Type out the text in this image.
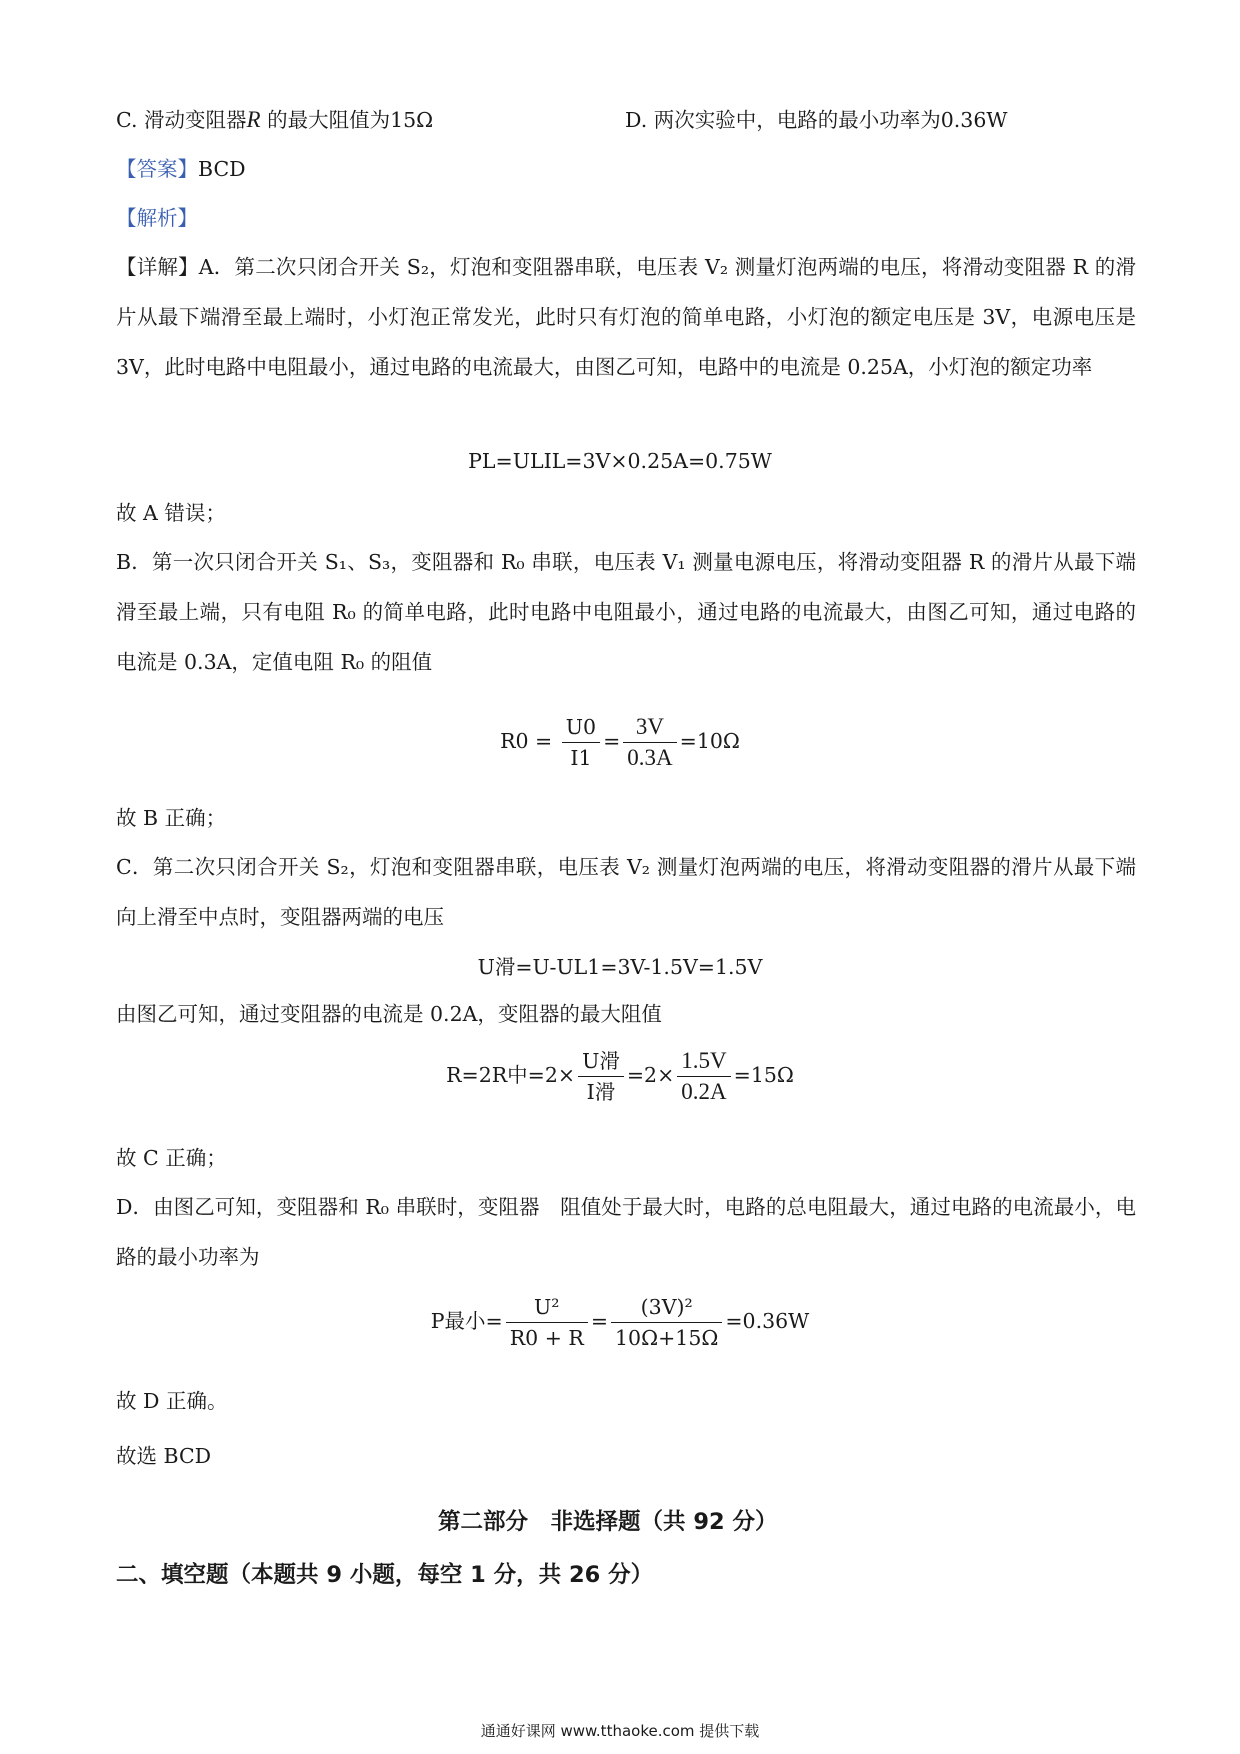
C. 滑动变阻器R 的最大阻值为15Ω	D. 两次实验中，电路的最小功率为0.36W
【答案】BCD
【解析】
【详解】A．第二次只闭合开关 S₂，灯泡和变阻器串联，电压表 V₂ 测量灯泡两端的电压，将滑动变阻器 R 的滑片从最下端滑至最上端时，小灯泡正常发光，此时只有灯泡的简单电路，小灯泡的额定电压是 3V，电源电压是 3V，此时电路中电阻最小，通过电路的电流最大，由图乙可知，电路中的电流是 0.25A，小灯泡的额定功率
PL=ULIL=3V×0.25A=0.75W
故 A 错误；
B．第一次只闭合开关 S₁、S₃，变阻器和 R₀ 串联，电压表 V₁ 测量电源电压，将滑动变阻器 R 的滑片从最下端滑至最上端，只有电阻 R₀ 的简单电路，此时电路中电阻最小，通过电路的电流最大，由图乙可知，通过电路的电流是 0.3A，定值电阻 R₀ 的阻值
$R0 = \frac{U0}{I1} = \frac{3V}{0.3A} =10\Omega$
故 B 正确；
C．第二次只闭合开关 S₂，灯泡和变阻器串联，电压表 V₂ 测量灯泡两端的电压，将滑动变阻器的滑片从最下端向上滑至中点时，变阻器两端的电压
U滑=U-UL1=3V-1.5V=1.5V
由图乙可知，通过变阻器的电流是 0.2A，变阻器的最大阻值
R=2R中$=2\times \frac{\text{U滑}}{\text{I滑}} =2\times \frac{1.5V}{0.2A} =15\Omega$
故 C 正确；
D．由图乙可知，变阻器和 R₀ 串联时，变阻器　阻值处于最大时，电路的总电阻最大，通过电路的电流最小，电路的最小功率为
P最小= $\frac{\text{U²}}{R0 + R} = \frac{\text{(3V)²}}{10\Omega+15\Omega} =0.36W$
故 D 正确。
故选 BCD
第二部分　非选择题（共 92 分）
二、填空题（本题共 9 小题，每空 1 分，共 26 分）
通通好课网 www.tthaoke.com 提供下载
